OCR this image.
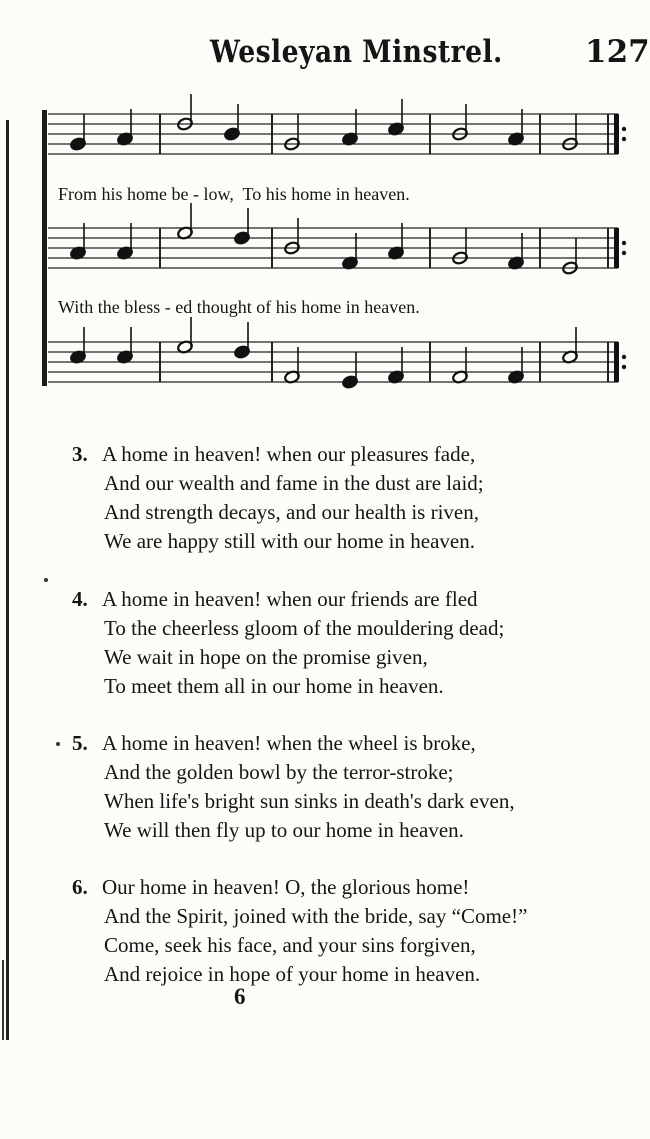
Wesleyan Minstrel.	127
From his home be - low,  To his home in heaven.
With the bless - ed thought of his home in heaven.
3. A home in heaven! when our pleasures fade,
And our wealth and fame in the dust are laid;
And strength decays, and our health is riven,
We are happy still with our home in heaven.
4. A home in heaven! when our friends are fled
To the cheerless gloom of the mouldering dead;
We wait in hope on the promise given,
To meet them all in our home in heaven.
5. A home in heaven! when the wheel is broke,
And the golden bowl by the terror-stroke;
When life's bright sun sinks in death's dark even,
We will then fly up to our home in heaven.
6. Our home in heaven! O, the glorious home!
And the Spirit, joined with the bride, say “Come!”
Come, seek his face, and your sins forgiven,
And rejoice in hope of your home in heaven.
6
